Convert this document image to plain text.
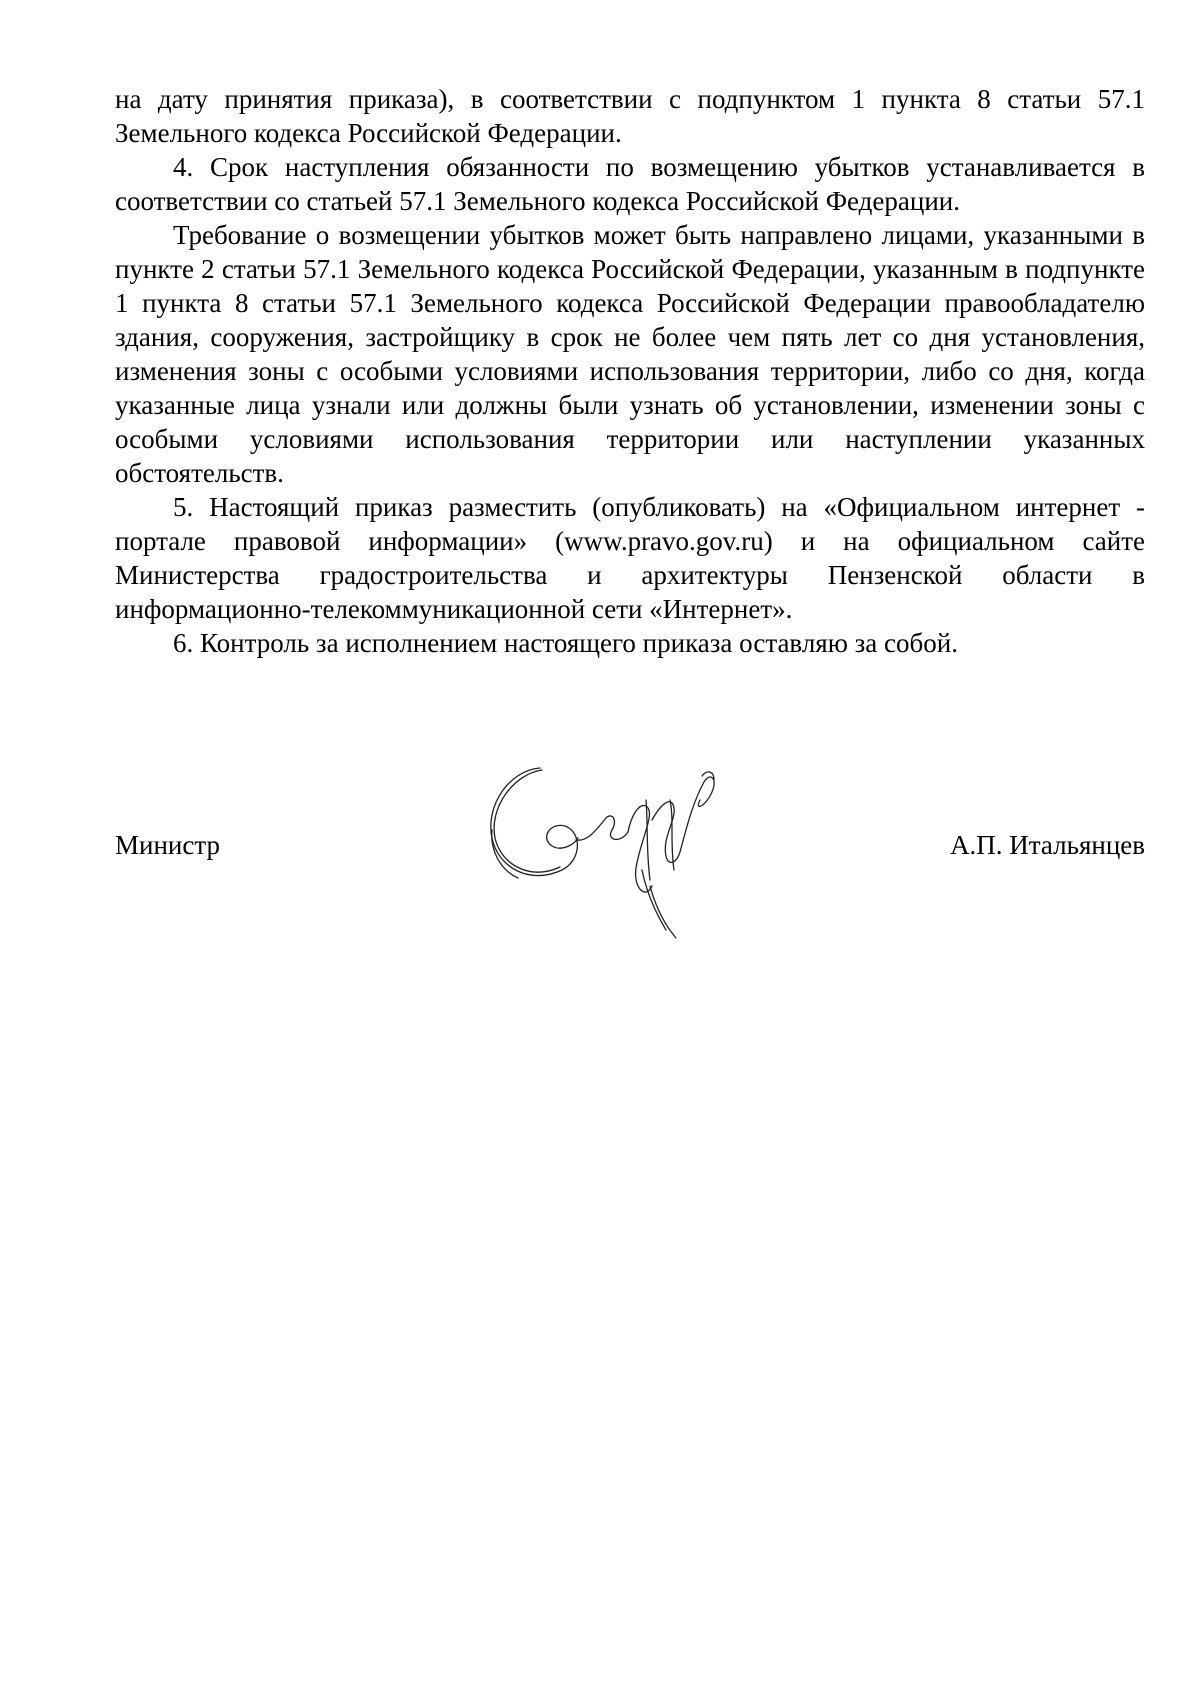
на дату принятия приказа), в соответствии с подпунктом 1 пункта 8 статьи 57.1 Земельного кодекса Российской Федерации.

4. Срок наступления обязанности по возмещению убытков устанавливается в соответствии со статьей 57.1 Земельного кодекса Российской Федерации.

Требование о возмещении убытков может быть направлено лицами, указанными в пункте 2 статьи 57.1 Земельного кодекса Российской Федерации, указанным в подпункте 1 пункта 8 статьи 57.1 Земельного кодекса Российской Федерации правообладателю здания, сооружения, застройщику в срок не более чем пять лет со дня установления, изменения зоны с особыми условиями использования территории, либо со дня, когда указанные лица узнали или должны были узнать об установлении, изменении зоны с особыми условиями использования территории или наступлении указанных обстоятельств.

5. Настоящий приказ разместить (опубликовать) на «Официальном интернет - портале правовой информации» (www.pravo.gov.ru) и на официальном сайте Министерства градостроительства и архитектуры Пензенской области в информационно-телекоммуникационной сети «Интернет».

6. Контроль за исполнением настоящего приказа оставляю за собой.

Министр	А.П. Итальянцев
